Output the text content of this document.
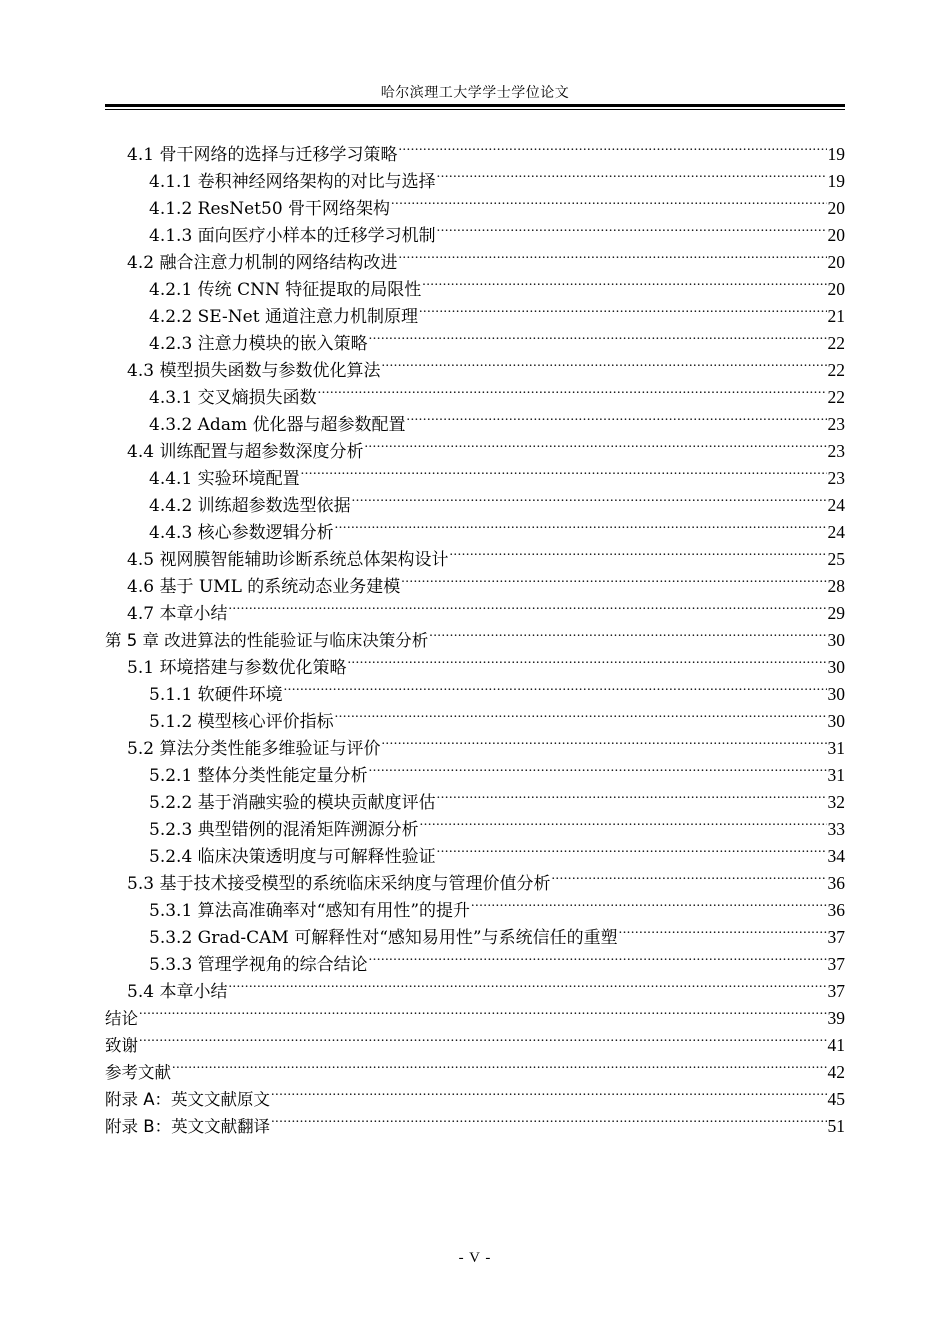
哈尔滨理工大学学士学位论文
4.1 骨干网络的选择与迁移学习策略 .....	19
4.1.1 卷积神经网络架构的对比与选择 .....	19
4.1.2 ResNet50 骨干网络架构 .....	20
4.1.3 面向医疗小样本的迁移学习机制 .....	20
4.2 融合注意力机制的网络结构改进 .....	20
4.2.1 传统 CNN 特征提取的局限性 .....	20
4.2.2 SE-Net 通道注意力机制原理 .....	21
4.2.3 注意力模块的嵌入策略 .....	22
4.3 模型损失函数与参数优化算法 .....	22
4.3.1 交叉熵损失函数 .....	22
4.3.2 Adam 优化器与超参数配置 .....	23
4.4 训练配置与超参数深度分析 .....	23
4.4.1 实验环境配置 .....	23
4.4.2 训练超参数选型依据 .....	24
4.4.3 核心参数逻辑分析 .....	24
4.5 视网膜智能辅助诊断系统总体架构设计 .....	25
4.6 基于 UML 的系统动态业务建模 .....	28
4.7 本章小结 .....	29
第 5 章 改进算法的性能验证与临床决策分析 .....	30
5.1 环境搭建与参数优化策略 .....	30
5.1.1 软硬件环境 .....	30
5.1.2 模型核心评价指标 .....	30
5.2 算法分类性能多维验证与评价 .....	31
5.2.1 整体分类性能定量分析 .....	31
5.2.2 基于消融实验的模块贡献度评估 .....	32
5.2.3 典型错例的混淆矩阵溯源分析 .....	33
5.2.4 临床决策透明度与可解释性验证 .....	34
5.3 基于技术接受模型的系统临床采纳度与管理价值分析 .....	36
5.3.1 算法高准确率对“感知有用性”的提升 .....	36
5.3.2 Grad-CAM 可解释性对“感知易用性”与系统信任的重塑 .....	37
5.3.3 管理学视角的综合结论 .....	37
5.4 本章小结 .....	37
结论 .....	39
致谢 .....	41
参考文献 .....	42
附录 A：英文文献原文 .....	45
附录 B：英文文献翻译 .....	51
- V -
